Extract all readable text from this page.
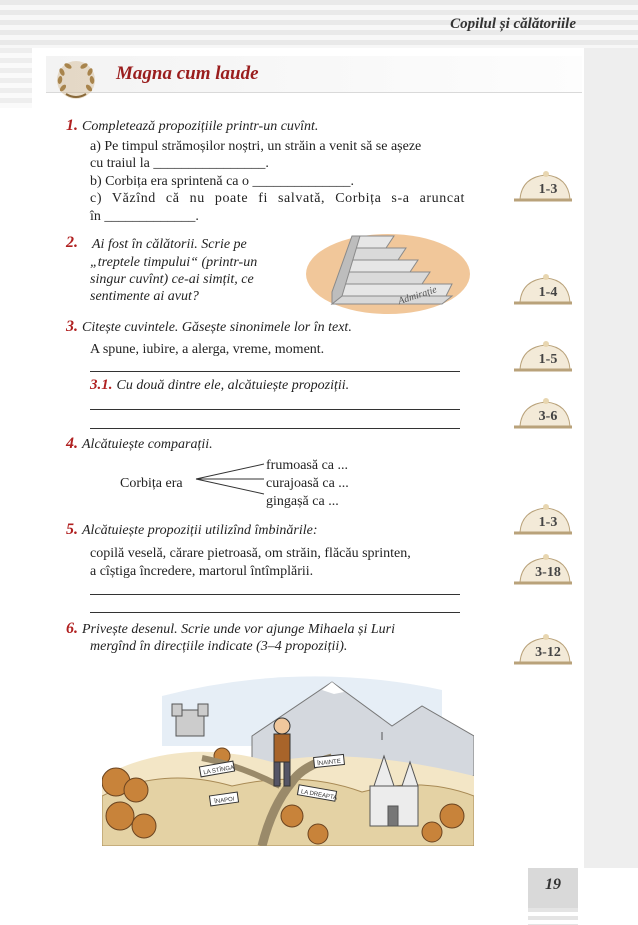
Copilul și călătoriile
Magna cum laude
1. Completează propozițiile printr-un cuvînt.
a) Pe timpul strămoșilor noștri, un străin a venit să se așeze
cu traiul la ________________.
b) Corbița era sprintenă ca o ______________.
c) Văzînd că nu poate fi salvată, Corbița s-a aruncat
în _____________.
2. Ai fost în călătorii. Scrie pe
„treptele timpului“ (printr-un
singur cuvînt) ce-ai simțit, ce
sentimente ai avut?	Admirație
3. Citește cuvintele. Găsește sinonimele lor în text.
A spune, iubire, a alerga, vreme, moment.
3.1. Cu două dintre ele, alcătuiește propoziții.
4. Alcătuiește comparații.
Corbița era
frumoasă ca ...
curajoasă ca ...
gingașă ca ...
5. Alcătuiește propoziții utilizînd îmbinările:
copilă veselă, cărare pietroasă, om străin, flăcău sprinten,
a cîștiga încredere, martorul întîmplării.
6. Privește desenul. Scrie unde vor ajunge Mihaela și Luri
mergînd în direcțiile indicate (3–4 propoziții).
1-3
1-4
1-5
3-6
1-3
3-18
3-12
LA STÎNGA
ÎNAINTE
ÎNAPOI	LA DREAPTA
19
